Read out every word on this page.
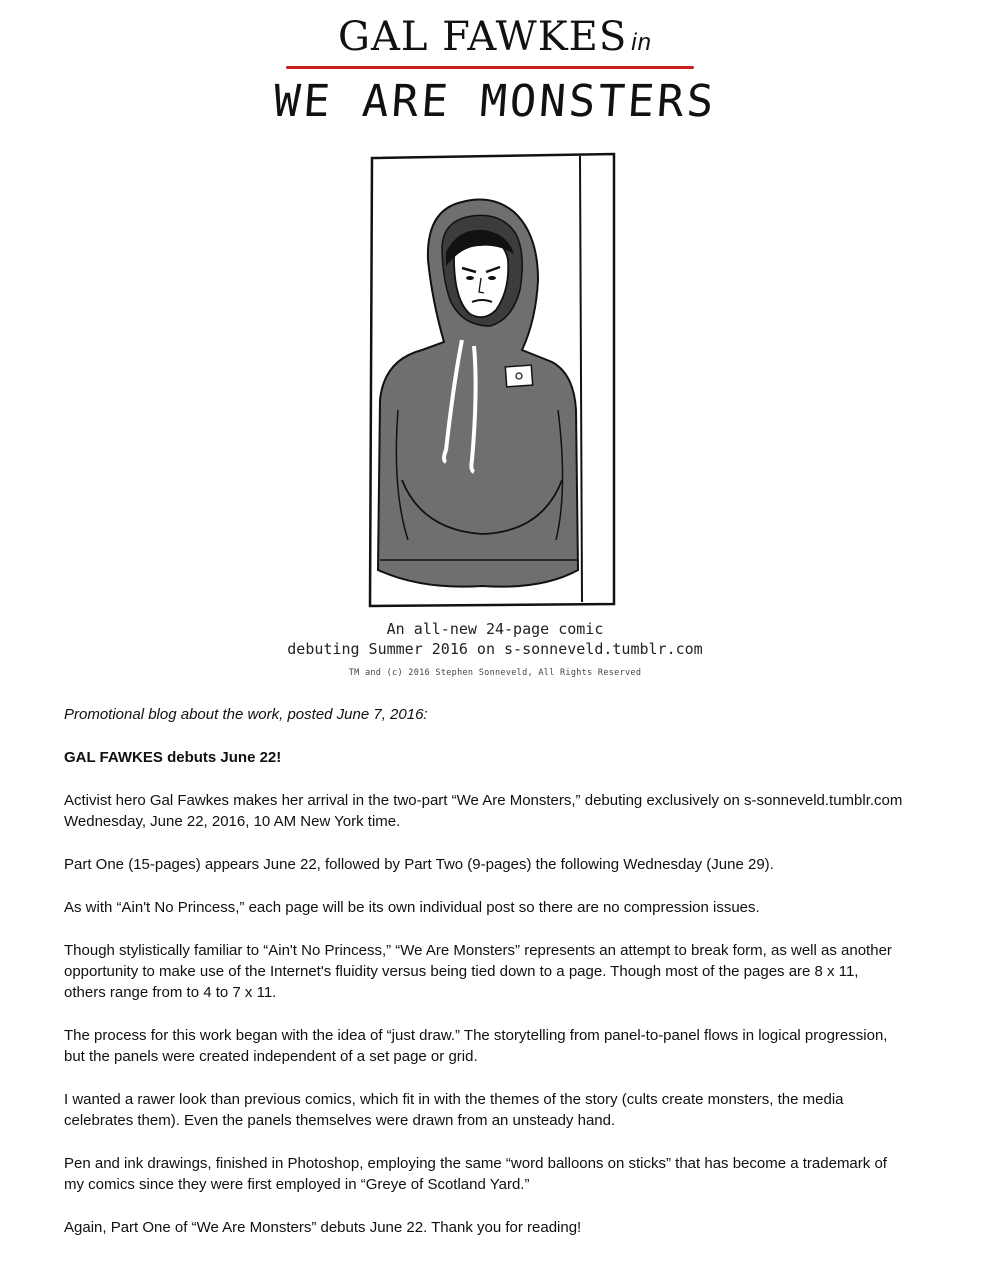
GAL FAWKES in
WE ARE MONSTERS
An all-new 24-page comic
debuting Summer 2016 on s-sonneveld.tumblr.com
TM and (c) 2016 Stephen Sonneveld, All Rights Reserved

Promotional blog about the work, posted June 7, 2016:

GAL FAWKES debuts June 22!

Activist hero Gal Fawkes makes her arrival in the two-part “We Are Monsters,” debuting exclusively on s-sonneveld.tumblr.com Wednesday, June 22, 2016, 10 AM New York time.

Part One (15-pages) appears June 22, followed by Part Two (9-pages) the following Wednesday (June 29).

As with “Ain't No Princess,” each page will be its own individual post so there are no compression issues.

Though stylistically familiar to “Ain't No Princess,” “We Are Monsters” represents an attempt to break form, as well as another opportunity to make use of the Internet's fluidity versus being tied down to a page. Though most of the pages are 8 x 11, others range from to 4 to 7 x 11.

The process for this work began with the idea of “just draw.” The storytelling from panel-to-panel flows in logical progression, but the panels were created independent of a set page or grid.

I wanted a rawer look than previous comics, which fit in with the themes of the story (cults create monsters, the media celebrates them). Even the panels themselves were drawn from an unsteady hand.

Pen and ink drawings, finished in Photoshop, employing the same “word balloons on sticks” that has become a trademark of my comics since they were first employed in “Greye of Scotland Yard.”

Again, Part One of “We Are Monsters” debuts June 22. Thank you for reading!
